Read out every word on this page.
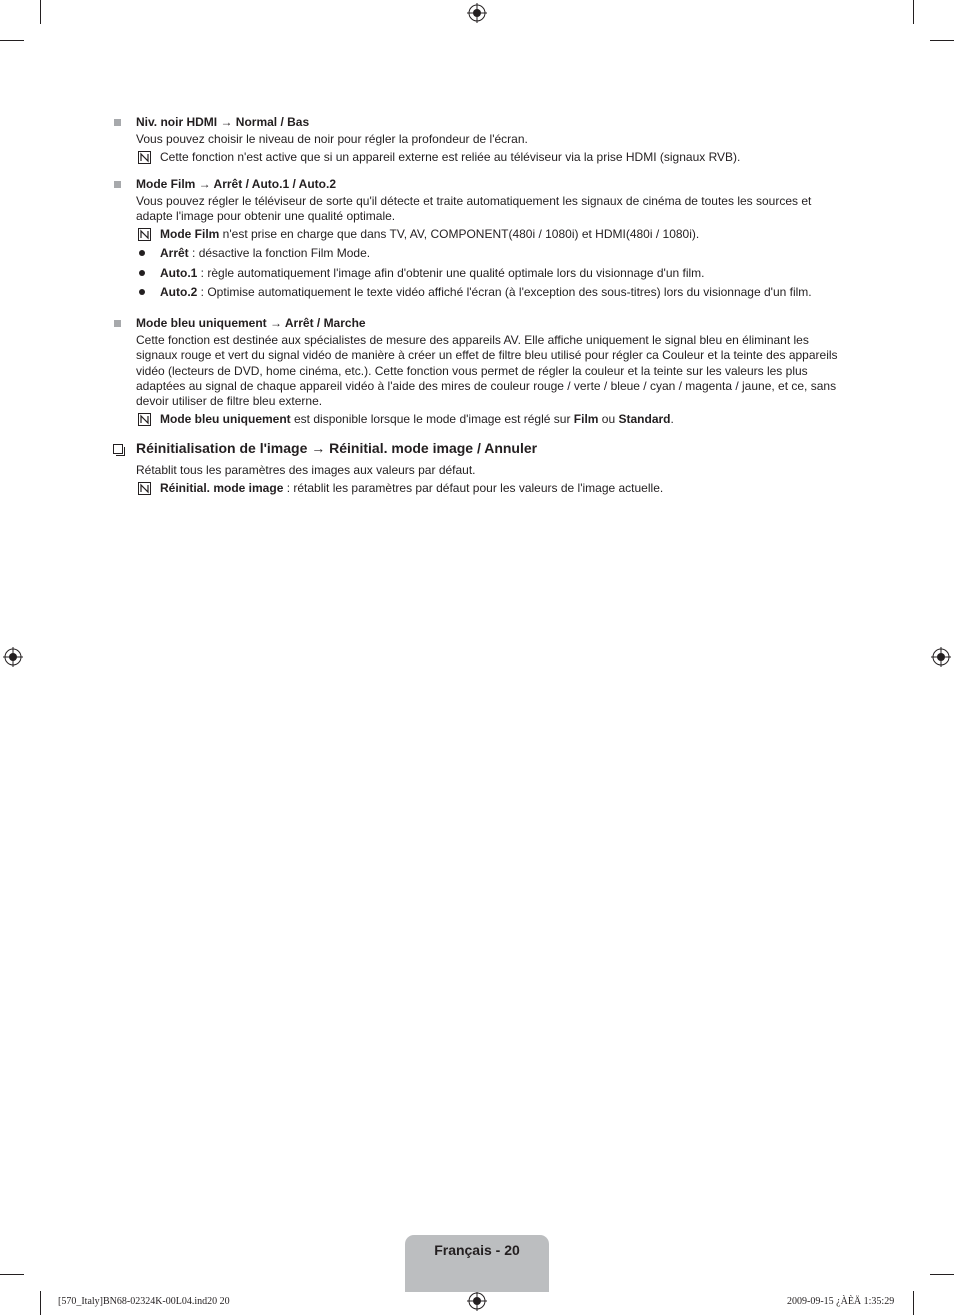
Niv. noir HDMI → Normal / Bas
Vous pouvez choisir le niveau de noir pour régler la profondeur de l'écran.
Cette fonction n'est active que si un appareil externe est reliée au téléviseur via la prise HDMI (signaux RVB).
Mode Film → Arrêt / Auto.1 / Auto.2
Vous pouvez régler le téléviseur de sorte qu'il détecte et traite automatiquement les signaux de cinéma de toutes les sources et adapte l'image pour obtenir une qualité optimale.
Mode Film n'est prise en charge que dans TV, AV, COMPONENT(480i / 1080i) et HDMI(480i / 1080i).
Arrêt : désactive la fonction Film Mode.
Auto.1 : règle automatiquement l'image afin d'obtenir une qualité optimale lors du visionnage d'un film.
Auto.2 : Optimise automatiquement le texte vidéo affiché l'écran (à l'exception des sous-titres) lors du visionnage d'un film.
Mode bleu uniquement → Arrêt / Marche
Cette fonction est destinée aux spécialistes de mesure des appareils AV. Elle affiche uniquement le signal bleu en éliminant les signaux rouge et vert du signal vidéo de manière à créer un effet de filtre bleu utilisé pour régler ca Couleur et la teinte des appareils vidéo (lecteurs de DVD, home cinéma, etc.). Cette fonction vous permet de régler la couleur et la teinte sur les valeurs les plus adaptées au signal de chaque appareil vidéo à l'aide des mires de couleur rouge / verte / bleue / cyan / magenta / jaune, et ce, sans devoir utiliser de filtre bleu externe.
Mode bleu uniquement est disponible lorsque le mode d'image est réglé sur Film ou Standard.
Réinitialisation de l'image → Réinitial. mode image / Annuler
Rétablit tous les paramètres des images aux valeurs par défaut.
Réinitial. mode image : rétablit les paramètres par défaut pour les valeurs de l'image actuelle.
Français - 20
[570_Italy]BN68-02324K-00L04.ind20 20	2009-09-15 ¿ÀÈÄ 1:35:29
